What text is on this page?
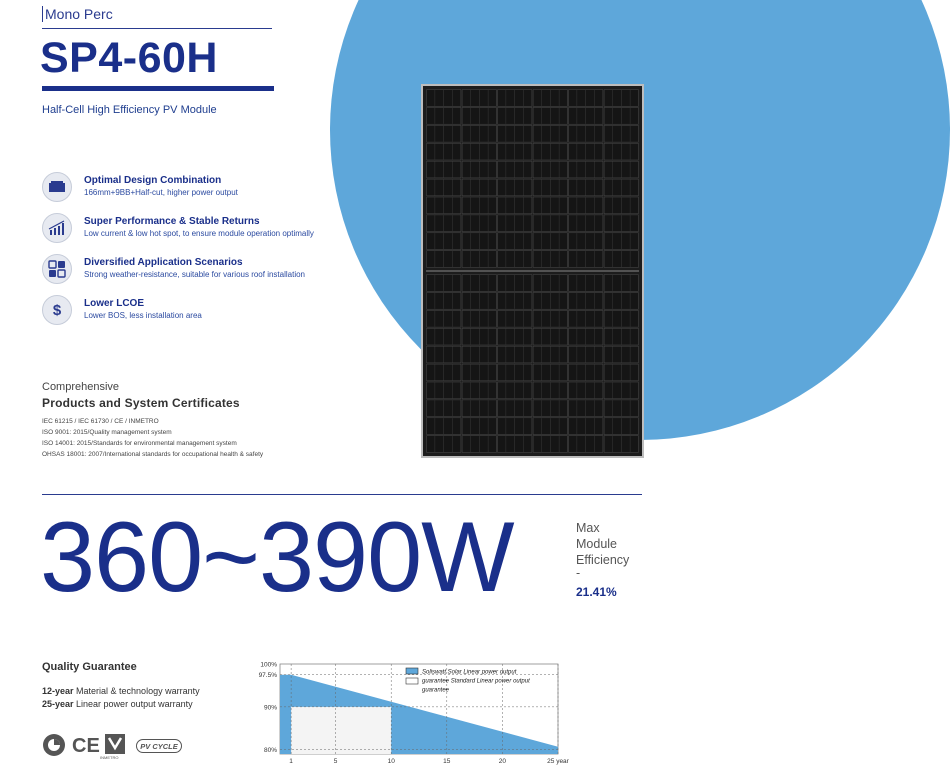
Mono Perc
SP4-60H
Half-Cell High Efficiency PV Module
Optimal Design Combination
166mm+9BB+Half-cut, higher power output
Super Performance & Stable Returns
Low current & low hot spot, to ensure module operation optimally
Diversified Application Scenarios
Strong weather-resistance, suitable for various roof installation
$ Lower LCOE
Lower BOS, less installation area
Comprehensive
Products and System Certificates
IEC 61215 / IEC 61730 / CE / INMETRO
ISO 9001: 2015/Quality management system
ISO 14001: 2015/Standards for environmental management system
OHSAS 18001: 2007/International standards for occupational health & safety
360~390W	Max
Module
Efficiency
-
21.41%
Quality Guarantee
12-year Material & technology warranty
25-year Linear power output warranty
CE
INMETRO
PV CYCLE	80%
90%
97.5%
100%
1	5	10	15	20	25 year
Soliswatt Solar Linear power output
guarantee Standard Linear power output
guarantee
